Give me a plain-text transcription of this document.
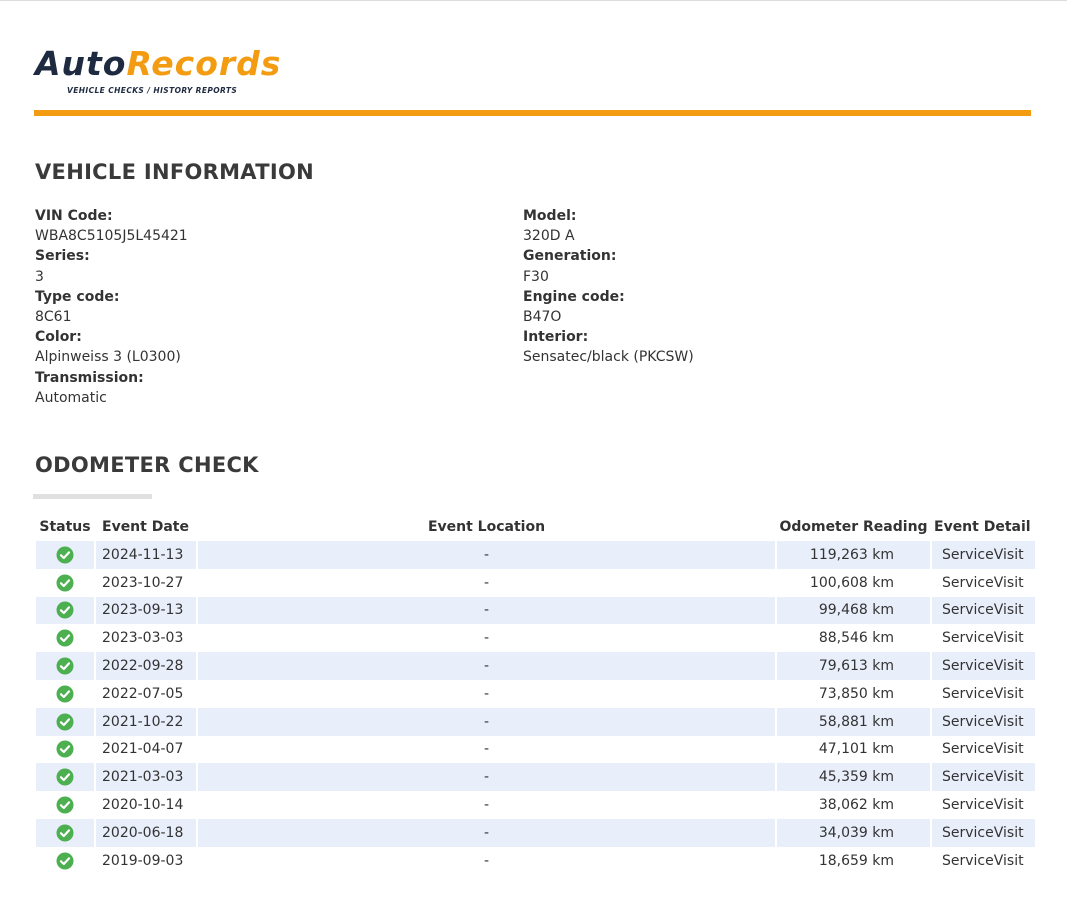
AutoRecords
VEHICLE CHECKS / HISTORY REPORTS
VEHICLE INFORMATION
VIN Code:
WBA8C5105J5L45421
Series:
3
Type code:
8C61
Color:
Alpinweiss 3 (L0300)
Transmission:
Automatic
Model:
320D A
Generation:
F30
Engine code:
B47O
Interior:
Sensatec/black (PKCSW)
ODOMETER CHECK
Status	Event Date	Event Location	Odometer Reading	Event Detail
	2024-11-13	-	119,263 km	ServiceVisit
	2023-10-27	-	100,608 km	ServiceVisit
	2023-09-13	-	99,468 km	ServiceVisit
	2023-03-03	-	88,546 km	ServiceVisit
	2022-09-28	-	79,613 km	ServiceVisit
	2022-07-05	-	73,850 km	ServiceVisit
	2021-10-22	-	58,881 km	ServiceVisit
	2021-04-07	-	47,101 km	ServiceVisit
	2021-03-03	-	45,359 km	ServiceVisit
	2020-10-14	-	38,062 km	ServiceVisit
	2020-06-18	-	34,039 km	ServiceVisit
	2019-09-03	-	18,659 km	ServiceVisit
